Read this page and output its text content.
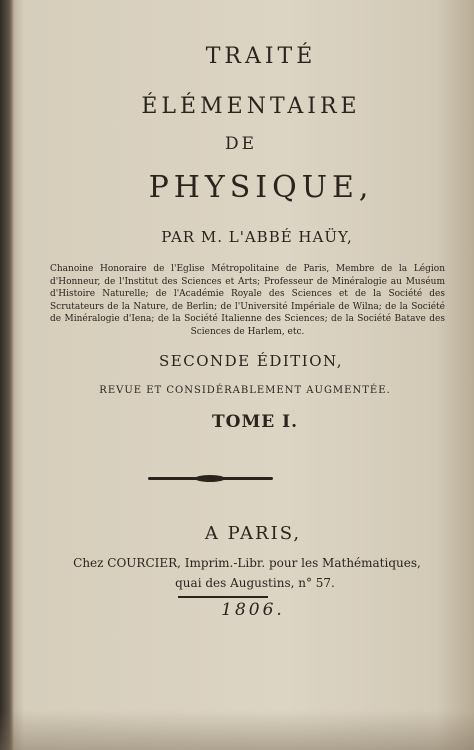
TRAITÉ
ÉLÉMENTAIRE
DE
PHYSIQUE,
PAR M. L'ABBÉ HAÜY,
Chanoine Honoraire de l'Eglise Métropolitaine de Paris, Membre de la Légion d'Honneur, de l'Institut des Sciences et Arts; Professeur de Minéralogie au Muséum d'Histoire Naturelle; de l'Académie Royale des Sciences et de la Société des Scrutateurs de la Nature, de Berlin; de l'Université Impériale de Wilna; de la Société de Minéralogie d'Iena; de la Société Italienne des Sciences; de la Société Batave des Sciences de Harlem, etc.
SECONDE ÉDITION,
REVUE ET CONSIDÉRABLEMENT AUGMENTÉE.
TOME I.
A PARIS,
Chez COURCIER, Imprim.-Libr. pour les Mathématiques,
quai des Augustins, n° 57.
1806.
